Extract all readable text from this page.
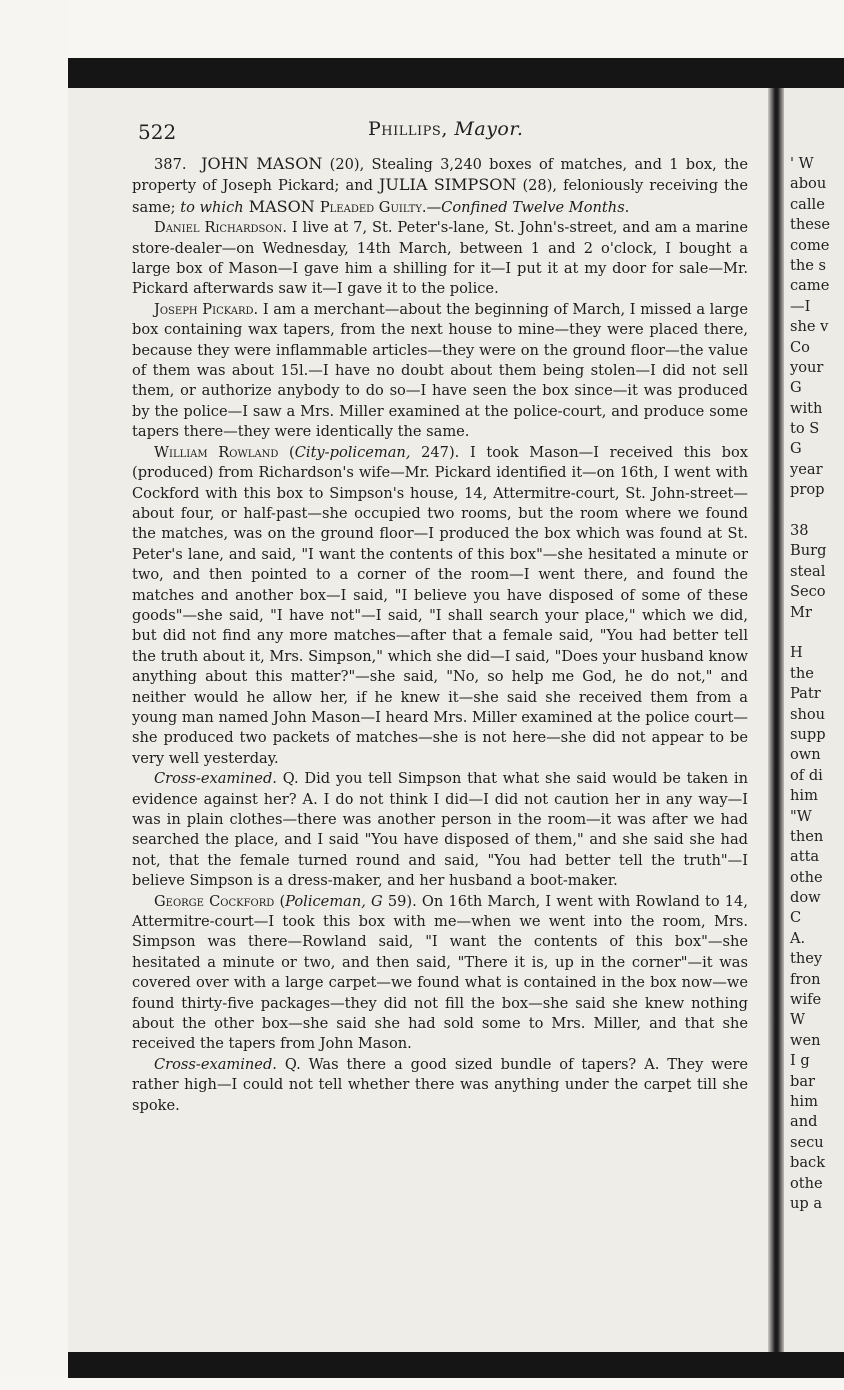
522	Phillips, Mayor.

387. JOHN MASON (20), Stealing 3,240 boxes of matches, and 1 box, the property of Joseph Pickard; and JULIA SIMPSON (28), feloniously receiving the same; to which MASON Pleaded Guilty.—Confined Twelve Months.

Daniel Richardson. I live at 7, St. Peter's-lane, St. John's-street, and am a marine store-dealer—on Wednesday, 14th March, between 1 and 2 o'clock, I bought a large box of Mason—I gave him a shilling for it—I put it at my door for sale—Mr. Pickard afterwards saw it—I gave it to the police.

Joseph Pickard. I am a merchant—about the beginning of March, I missed a large box containing wax tapers, from the next house to mine—they were placed there, because they were inflammable articles—they were on the ground floor—the value of them was about 15l.—I have no doubt about them being stolen—I did not sell them, or authorize anybody to do so—I have seen the box since—it was produced by the police—I saw a Mrs. Miller examined at the police-court, and produce some tapers there—they were identically the same.

William Rowland (City-policeman, 247). I took Mason—I received this box (produced) from Richardson's wife—Mr. Pickard identified it—on 16th, I went with Cockford with this box to Simpson's house, 14, Attermitre-court, St. John-street—about four, or half-past—she occupied two rooms, but the room where we found the matches, was on the ground floor—I produced the box which was found at St. Peter's lane, and said, "I want the contents of this box"—she hesitated a minute or two, and then pointed to a corner of the room—I went there, and found the matches and another box—I said, "I believe you have disposed of some of these goods"—she said, "I have not"—I said, "I shall search your place," which we did, but did not find any more matches—after that a female said, "You had better tell the truth about it, Mrs. Simpson," which she did—I said, "Does your husband know anything about this matter?"—she said, "No, so help me God, he do not," and neither would he allow her, if he knew it—she said she received them from a young man named John Mason—I heard Mrs. Miller examined at the police court—she produced two packets of matches—she is not here—she did not appear to be very well yesterday.

Cross-examined. Q. Did you tell Simpson that what she said would be taken in evidence against her? A. I do not think I did—I did not caution her in any way—I was in plain clothes—there was another person in the room—it was after we had searched the place, and I said "You have disposed of them," and she said she had not, that the female turned round and said, "You had better tell the truth"—I believe Simpson is a dress-maker, and her husband a boot-maker.

George Cockford (Policeman, G 59). On 16th March, I went with Rowland to 14, Attermitre-court—I took this box with me—when we went into the room, Mrs. Simpson was there—Rowland said, "I want the contents of this box"—she hesitated a minute or two, and then said, "There it is, up in the corner"—it was covered over with a large carpet—we found what is contained in the box now—we found thirty-five packages—they did not fill the box—she said she knew nothing about the other box—she said she had sold some to Mrs. Miller, and that she received the tapers from John Mason.

Cross-examined. Q. Was there a good sized bundle of tapers? A. They were rather high—I could not tell whether there was anything under the carpet till she spoke.

' W
abou
calle
these
come
the s
came
—I
she v
Co
your
G
with
to S
G
year
prop
38
Burg
steal
Seco
Mr
H
the
Patr
shou
supp
own
of di
him
"W
then
atta
othe
dow
C
A.
they
fron
wife
W
wen
I g
bar
him
and
secu
back
othe
up a
